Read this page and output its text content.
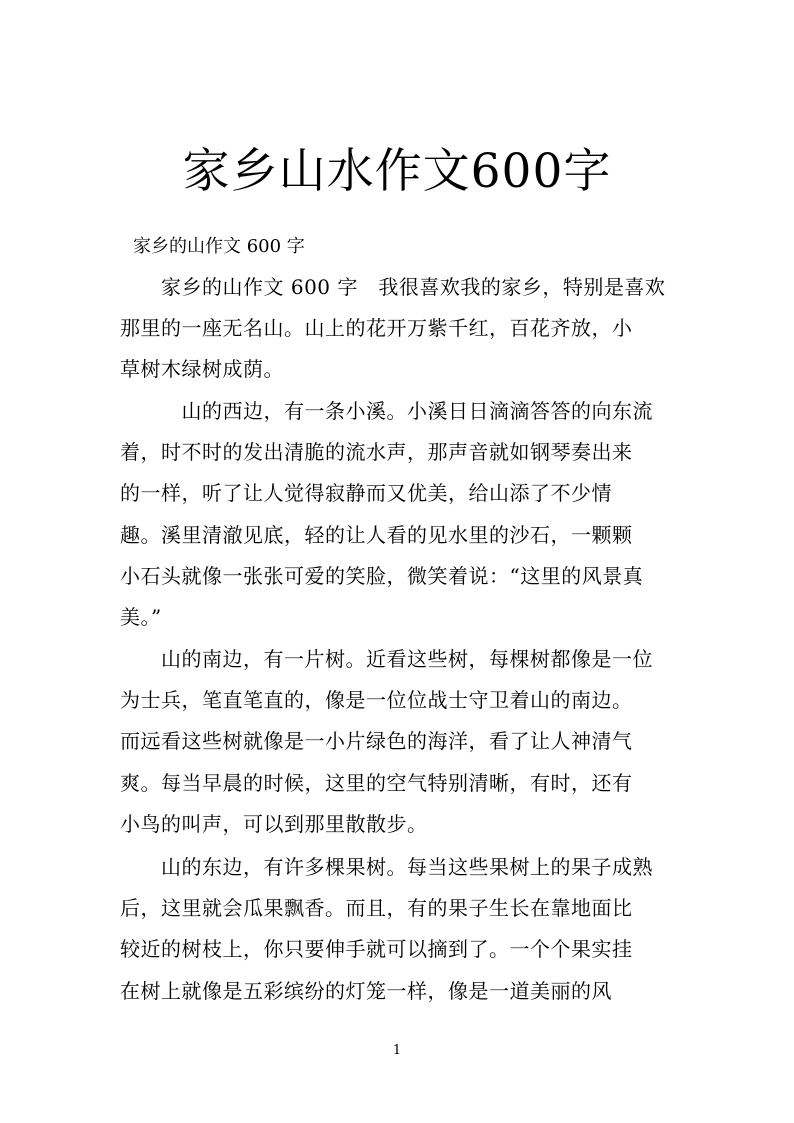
家乡山水作文600字
家乡的山作文 600 字
　　家乡的山作文 600 字　我很喜欢我的家乡，特别是喜欢
那里的一座无名山。山上的花开万紫千红，百花齐放，小
草树木绿树成荫。
　　　山的西边，有一条小溪。小溪日日滴滴答答的向东流
着，时不时的发出清脆的流水声，那声音就如钢琴奏出来
的一样，听了让人觉得寂静而又优美，给山添了不少情
趣。溪里清澈见底，轻的让人看的见水里的沙石，一颗颗
小石头就像一张张可爱的笑脸，微笑着说：“这里的风景真
美。”
　　山的南边，有一片树。近看这些树，每棵树都像是一位
为士兵，笔直笔直的，像是一位位战士守卫着山的南边。
而远看这些树就像是一小片绿色的海洋，看了让人神清气
爽。每当早晨的时候，这里的空气特别清晰，有时，还有
小鸟的叫声，可以到那里散散步。
　　山的东边，有许多棵果树。每当这些果树上的果子成熟
后，这里就会瓜果飘香。而且，有的果子生长在靠地面比
较近的树枝上，你只要伸手就可以摘到了。一个个果实挂
在树上就像是五彩缤纷的灯笼一样，像是一道美丽的风
1
